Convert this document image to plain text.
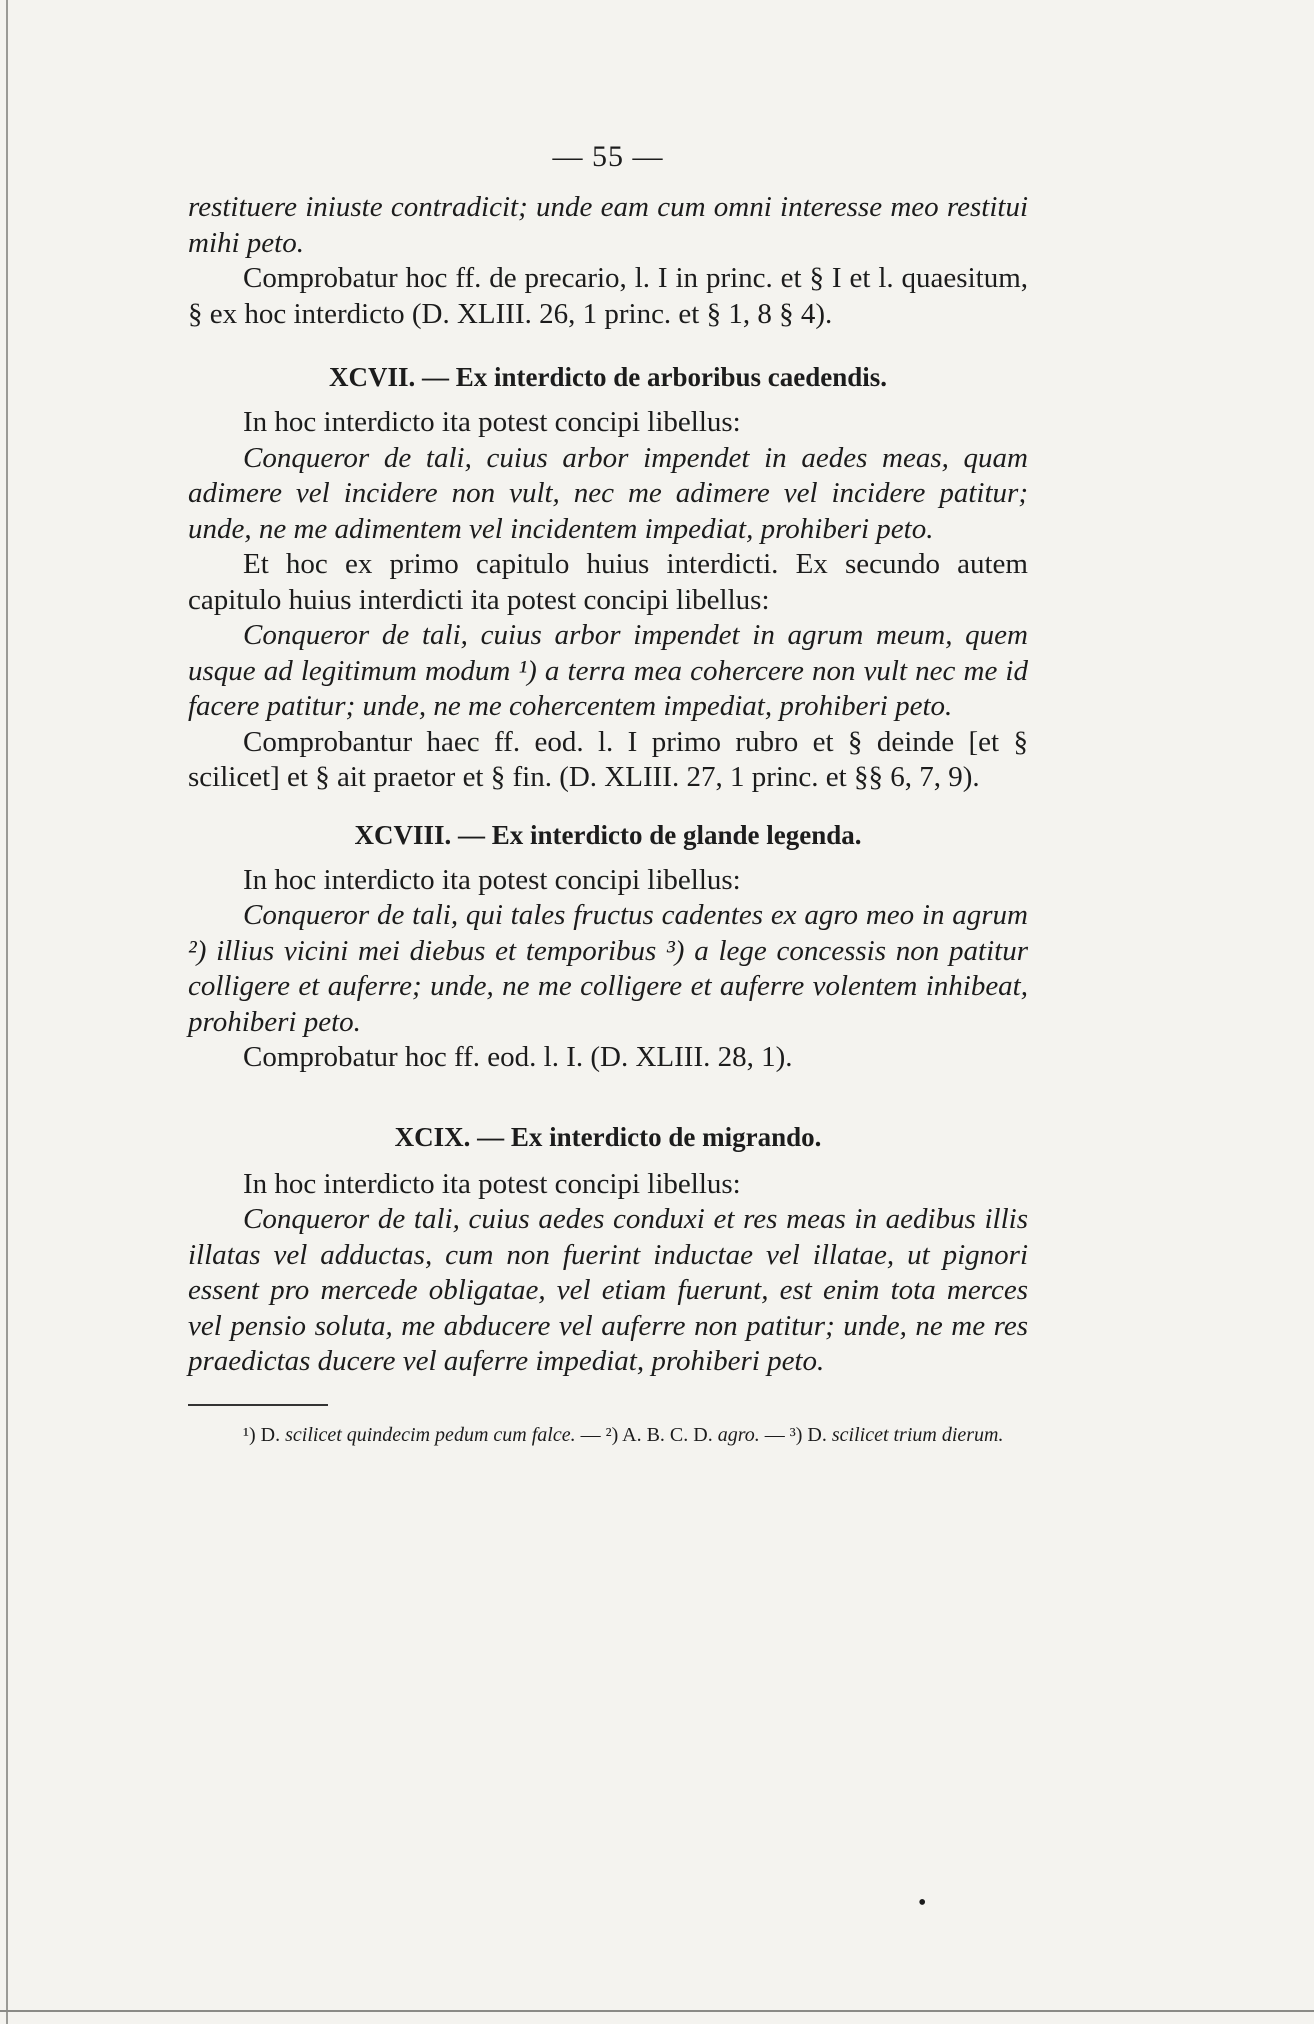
— 55 —

restituere iniuste contradicit; unde eam cum omni interesse meo restitui mihi peto.

Comprobatur hoc ff. de precario, l. I in princ. et § I et l. quaesitum, § ex hoc interdicto (D. XLIII. 26, 1 princ. et § 1, 8 § 4).

XCVII. — Ex interdicto de arboribus caedendis.

In hoc interdicto ita potest concipi libellus:

Conqueror de tali, cuius arbor impendet in aedes meas, quam adimere vel incidere non vult, nec me adimere vel incidere patitur; unde, ne me adimentem vel incidentem impediat, prohiberi peto.

Et hoc ex primo capitulo huius interdicti. Ex secundo autem capitulo huius interdicti ita potest concipi libellus:

Conqueror de tali, cuius arbor impendet in agrum meum, quem usque ad legitimum modum ¹) a terra mea cohercere non vult nec me id facere patitur; unde, ne me cohercentem impediat, prohiberi peto.

Comprobantur haec ff. eod. l. I primo rubro et § deinde [et § scilicet] et § ait praetor et § fin. (D. XLIII. 27, 1 princ. et §§ 6, 7, 9).

XCVIII. — Ex interdicto de glande legenda.

In hoc interdicto ita potest concipi libellus:

Conqueror de tali, qui tales fructus cadentes ex agro meo in agrum ²) illius vicini mei diebus et temporibus ³) a lege concessis non patitur colligere et auferre; unde, ne me colligere et auferre volentem inhibeat, prohiberi peto.

Comprobatur hoc ff. eod. l. I. (D. XLIII. 28, 1).

XCIX. — Ex interdicto de migrando.

In hoc interdicto ita potest concipi libellus:

Conqueror de tali, cuius aedes conduxi et res meas in aedibus illis illatas vel adductas, cum non fuerint inductae vel illatae, ut pignori essent pro mercede obligatae, vel etiam fuerunt, est enim tota merces vel pensio soluta, me abducere vel auferre non patitur; unde, ne me res praedictas ducere vel auferre impediat, prohiberi peto.

¹) D. scilicet quindecim pedum cum falce. — ²) A. B. C. D. agro. — ³) D. scilicet trium dierum.

•
